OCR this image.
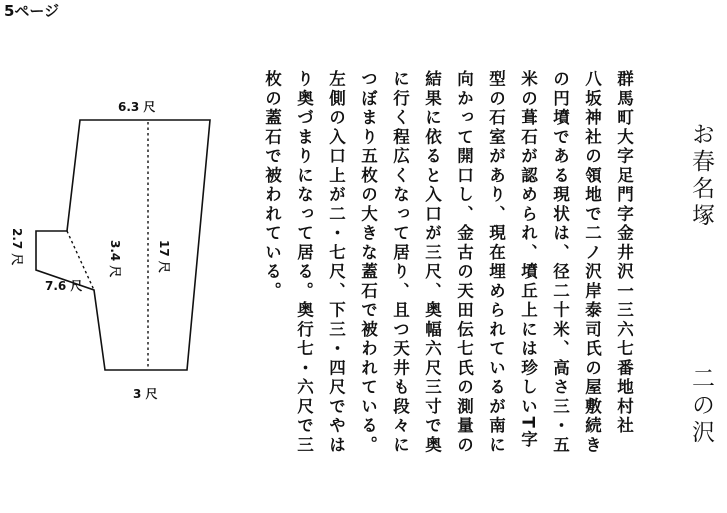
5ページ
お春名塚
二の沢
群馬町大字足門字金井沢一三六七番地村社
八坂神社の領地で二ノ沢岸泰司氏の屋敷続き
の円墳である現状は、径二十米、高さ三・五
米の葺石が認められ、墳丘上には珍しいT字
型の石室があり、現在埋められているが南に
向かって開口し、金古の天田伝七氏の測量の
結果に依ると入口が三尺、奥幅六尺三寸で奥
に行く程広くなって居り、且つ天井も段々に
つぼまり五枚の大きな蓋石で被われている。
左側の入口上が二・七尺、下三・四尺でやは
り奥づまりになって居る。奥行七・六尺で三
枚の蓋石で被われている。
6.3 尺
3 尺
7.6 尺
17 尺
2.7 尺	3.4 尺
